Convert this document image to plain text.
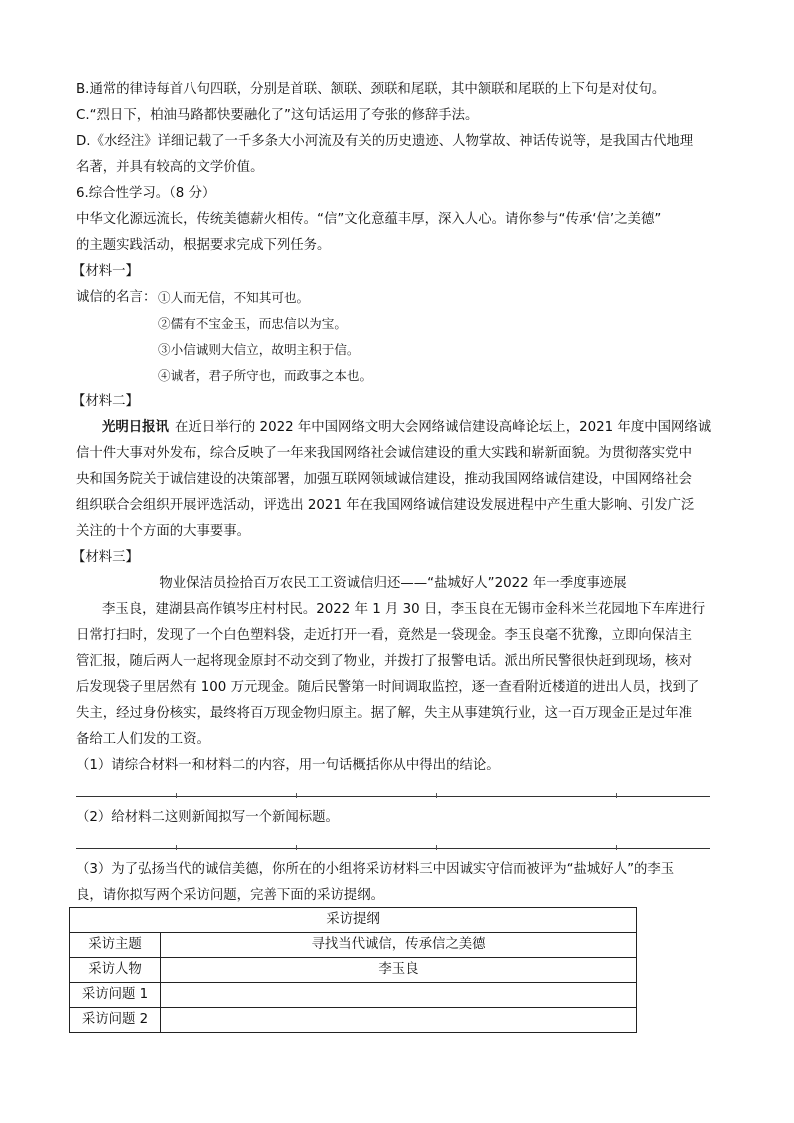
B.通常的律诗每首八句四联，分别是首联、颔联、颈联和尾联，其中颔联和尾联的上下句是对仗句。
C.“烈日下，柏油马路都快要融化了”这句话运用了夸张的修辞手法。
D.《水经注》详细记载了一千多条大小河流及有关的历史遗迹、人物掌故、神话传说等，是我国古代地理
名著，并具有较高的文学价值。
6.综合性学习。（8 分）
中华文化源远流长，传统美德薪火相传。“信”文化意蕴丰厚，深入人心。请你参与“传承‘信’之美德”
的主题实践活动，根据要求完成下列任务。
【材料一】
诚信的名言： ①人而无信，不知其可也。
②儒有不宝金玉，而忠信以为宝。
③小信诚则大信立，故明主积于信。
④诚者，君子所守也，而政事之本也。
【材料二】
光明日报讯 在近日举行的 2022 年中国网络文明大会网络诚信建设高峰论坛上，2021 年度中国网络诚
信十件大事对外发布，综合反映了一年来我国网络社会诚信建设的重大实践和崭新面貌。为贯彻落实党中
央和国务院关于诚信建设的决策部署，加强互联网领域诚信建设，推动我国网络诚信建设，中国网络社会
组织联合会组织开展评选活动，评选出 2021 年在我国网络诚信建设发展进程中产生重大影响、引发广泛
关注的十个方面的大事要事。
【材料三】
物业保洁员捡拾百万农民工工资诚信归还——“盐城好人”2022 年一季度事迹展
李玉良，建湖县高作镇岑庄村村民。2022 年 1 月 30 日，李玉良在无锡市金科米兰花园地下车库进行
日常打扫时，发现了一个白色塑料袋，走近打开一看，竟然是一袋现金。李玉良毫不犹豫，立即向保洁主
管汇报，随后两人一起将现金原封不动交到了物业，并拨打了报警电话。派出所民警很快赶到现场，核对
后发现袋子里居然有 100 万元现金。随后民警第一时间调取监控，逐一查看附近楼道的进出人员，找到了
失主，经过身份核实，最终将百万现金物归原主。据了解，失主从事建筑行业，这一百万现金正是过年准
备给工人们发的工资。
（1）请综合材料一和材料二的内容，用一句话概括你从中得出的结论。
（2）给材料二这则新闻拟写一个新闻标题。
（3）为了弘扬当代的诚信美德，你所在的小组将采访材料三中因诚实守信而被评为“盐城好人”的李玉
良，请你拟写两个采访问题，完善下面的采访提纲。
采访提纲	
采访主题	寻找当代诚信，传承信之美德
采访人物	李玉良
采访问题 1	
采访问题 2	
